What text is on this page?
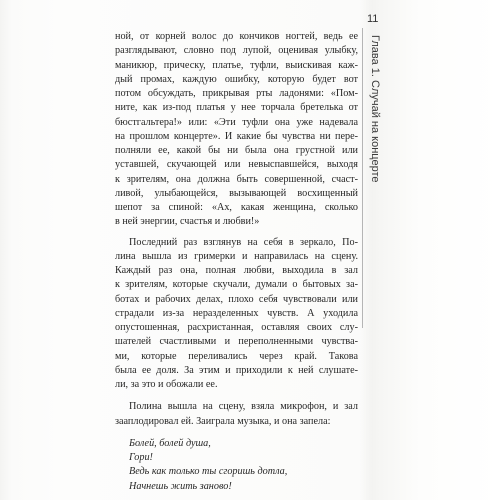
11
Глава 1. Случай на концерте
ной, от корней волос до кончиков ногтей, ведь ее
разглядывают, словно под лупой, оценивая улыбку,
маникюр, прическу, платье, туфли, выискивая каж-
дый промах, каждую ошибку, которую будет вот
потом обсуждать, прикрывая рты ладонями: «Пом-
ните, как из-под платья у нее торчала бретелька от
бюстгальтера!» или: «Эти туфли она уже надевала
на прошлом концерте». И какие бы чувства ни пере-
полняли ее, какой бы ни была она грустной или
уставшей, скучающей или невыспавшейся, выходя
к зрителям, она должна быть совершенной, счаст-
ливой, улыбающейся, вызывающей восхищенный
шепот за спиной: «Ах, какая женщина, сколько
в ней энергии, счастья и любви!»
Последний раз взглянув на себя в зеркало, По-
лина вышла из гримерки и направилась на сцену.
Каждый раз она, полная любви, выходила в зал
к зрителям, которые скучали, думали о бытовых за-
ботах и рабочих делах, плохо себя чувствовали или
страдали из-за неразделенных чувств. А уходила
опустошенная, расхристанная, оставляя своих слу-
шателей счастливыми и переполненными чувства-
ми, которые переливались через край. Такова
была ее доля. За этим и приходили к ней слушате-
ли, за это и обожали ее.
Полина вышла на сцену, взяла микрофон, и зал
зааплодировал ей. Заиграла музыка, и она запела:
Болей, болей душа,
Гори!
Ведь как только ты сгоришь дотла,
Начнешь жить заново!
